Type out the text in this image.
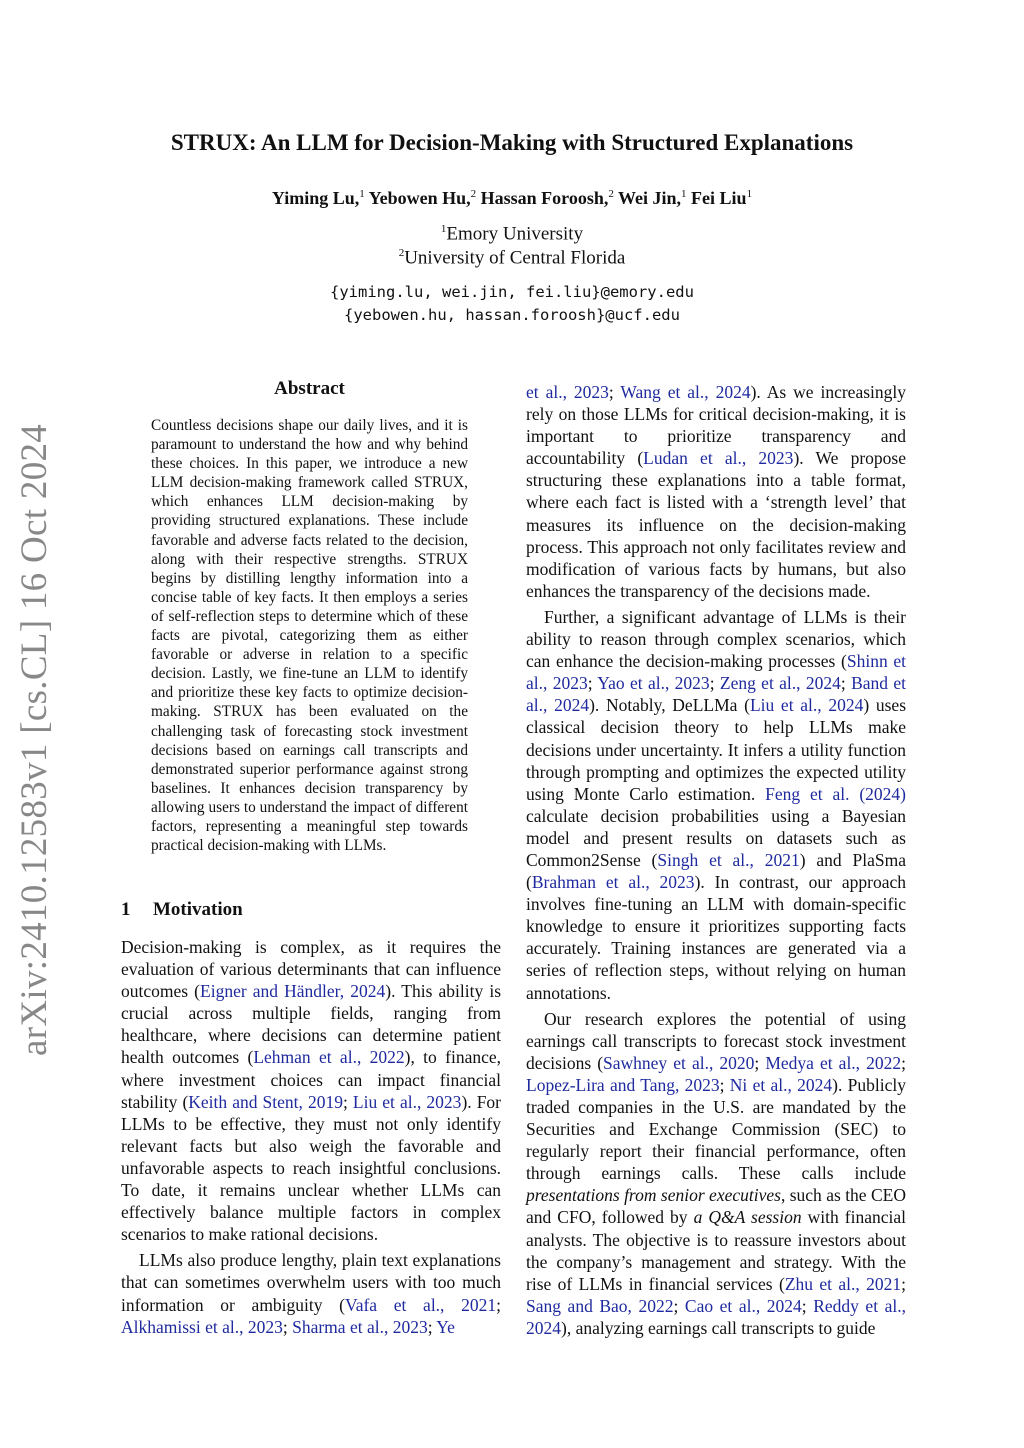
arXiv:2410.12583v1 [cs.CL] 16 Oct 2024
STRUX: An LLM for Decision-Making with Structured Explanations
Yiming Lu,$^1$ Yebowen Hu,$^2$ Hassan Foroosh,$^2$ Wei Jin,$^1$ Fei Liu$^1$
$^1$Emory University
$^2$University of Central Florida
{yiming.lu, wei.jin, fei.liu}@emory.edu
{yebowen.hu, hassan.foroosh}@ucf.edu
Abstract
Countless decisions shape our daily lives, and it is paramount to understand the how and why behind these choices. In this paper, we introduce a new LLM decision-making framework called STRUX, which enhances LLM decision-making by providing structured explanations. These include favorable and adverse facts related to the decision, along with their respective strengths. STRUX begins by distilling lengthy information into a concise table of key facts. It then employs a series of self-reflection steps to determine which of these facts are pivotal, categorizing them as either favorable or adverse in relation to a specific decision. Lastly, we fine-tune an LLM to identify and prioritize these key facts to optimize decision-making. STRUX has been evaluated on the challenging task of forecasting stock investment decisions based on earnings call transcripts and demonstrated superior performance against strong baselines. It enhances decision transparency by allowing users to understand the impact of different factors, representing a meaningful step towards practical decision-making with LLMs.
1 Motivation

Decision-making is complex, as it requires the evaluation of various determinants that can influence outcomes (Eigner and Händler, 2024). This ability is crucial across multiple fields, ranging from healthcare, where decisions can determine patient health outcomes (Lehman et al., 2022), to finance, where investment choices can impact financial stability (Keith and Stent, 2019; Liu et al., 2023). For LLMs to be effective, they must not only identify relevant facts but also weigh the favorable and unfavorable aspects to reach insightful conclusions. To date, it remains unclear whether LLMs can effectively balance multiple factors in complex scenarios to make rational decisions.

LLMs also produce lengthy, plain text explanations that can sometimes overwhelm users with too much information or ambiguity (Vafa et al., 2021; Alkhamissi et al., 2023; Sharma et al., 2023; Ye

et al., 2023; Wang et al., 2024). As we increasingly rely on those LLMs for critical decision-making, it is important to prioritize transparency and accountability (Ludan et al., 2023). We propose structuring these explanations into a table format, where each fact is listed with a ‘strength level’ that measures its influence on the decision-making process. This approach not only facilitates review and modification of various facts by humans, but also enhances the transparency of the decisions made.

Further, a significant advantage of LLMs is their ability to reason through complex scenarios, which can enhance the decision-making processes (Shinn et al., 2023; Yao et al., 2023; Zeng et al., 2024; Band et al., 2024). Notably, DeLLMa (Liu et al., 2024) uses classical decision theory to help LLMs make decisions under uncertainty. It infers a utility function through prompting and optimizes the expected utility using Monte Carlo estimation. Feng et al. (2024) calculate decision probabilities using a Bayesian model and present results on datasets such as Common2Sense (Singh et al., 2021) and PlaSma (Brahman et al., 2023). In contrast, our approach involves fine-tuning an LLM with domain-specific knowledge to ensure it prioritizes supporting facts accurately. Training instances are generated via a series of reflection steps, without relying on human annotations.

Our research explores the potential of using earnings call transcripts to forecast stock investment decisions (Sawhney et al., 2020; Medya et al., 2022; Lopez-Lira and Tang, 2023; Ni et al., 2024). Publicly traded companies in the U.S. are mandated by the Securities and Exchange Commission (SEC) to regularly report their financial performance, often through earnings calls. These calls include presentations from senior executives, such as the CEO and CFO, followed by a Q&A session with financial analysts. The objective is to reassure investors about the company’s management and strategy. With the rise of LLMs in financial services (Zhu et al., 2021; Sang and Bao, 2022; Cao et al., 2024; Reddy et al., 2024), analyzing earnings call transcripts to guide
